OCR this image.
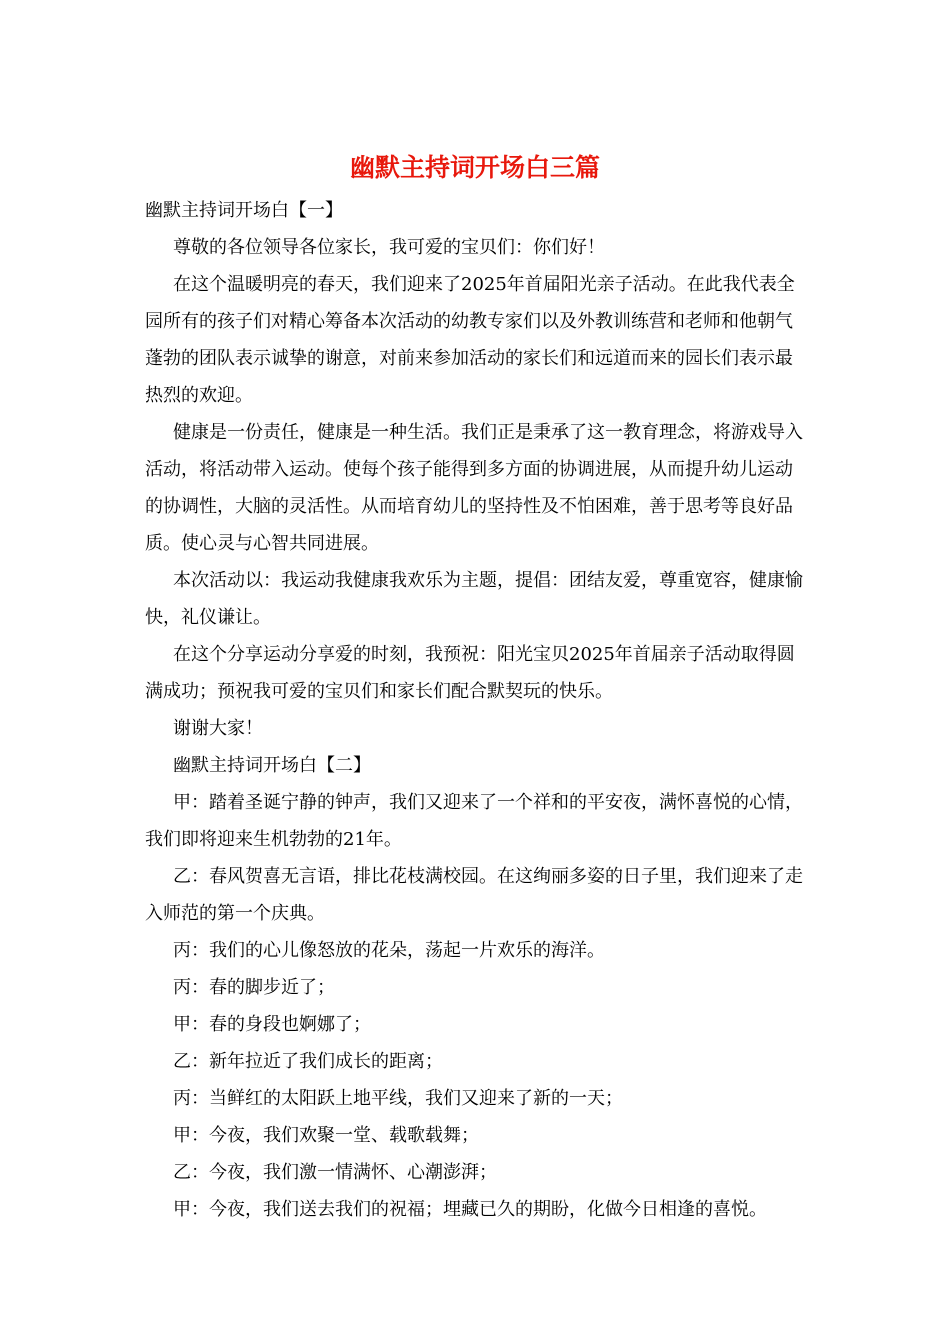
幽默主持词开场白三篇

幽默主持词开场白【一】

尊敬的各位领导各位家长，我可爱的宝贝们：你们好！

在这个温暖明亮的春天，我们迎来了2025年首届阳光亲子活动。在此我代表全园所有的孩子们对精心筹备本次活动的幼教专家们以及外教训练营和老师和他朝气蓬勃的团队表示诚挚的谢意，对前来参加活动的家长们和远道而来的园长们表示最热烈的欢迎。

健康是一份责任，健康是一种生活。我们正是秉承了这一教育理念，将游戏导入活动，将活动带入运动。使每个孩子能得到多方面的协调进展，从而提升幼儿运动的协调性，大脑的灵活性。从而培育幼儿的坚持性及不怕困难，善于思考等良好品质。使心灵与心智共同进展。

本次活动以：我运动我健康我欢乐为主题，提倡：团结友爱，尊重宽容，健康愉快，礼仪谦让。

在这个分享运动分享爱的时刻，我预祝：阳光宝贝2025年首届亲子活动取得圆满成功；预祝我可爱的宝贝们和家长们配合默契玩的快乐。

谢谢大家！

幽默主持词开场白【二】

甲：踏着圣诞宁静的钟声，我们又迎来了一个祥和的平安夜，满怀喜悦的心情，我们即将迎来生机勃勃的21年。

乙：春风贺喜无言语，排比花枝满校园。在这绚丽多姿的日子里，我们迎来了走入师范的第一个庆典。

丙：我们的心儿像怒放的花朵，荡起一片欢乐的海洋。

丙：春的脚步近了；

甲：春的身段也婀娜了；

乙：新年拉近了我们成长的距离；

丙：当鲜红的太阳跃上地平线，我们又迎来了新的一天；

甲：今夜，我们欢聚一堂、载歌载舞；

乙：今夜，我们激一情满怀、心潮澎湃；

甲：今夜，我们送去我们的祝福；埋藏已久的期盼，化做今日相逢的喜悦。
